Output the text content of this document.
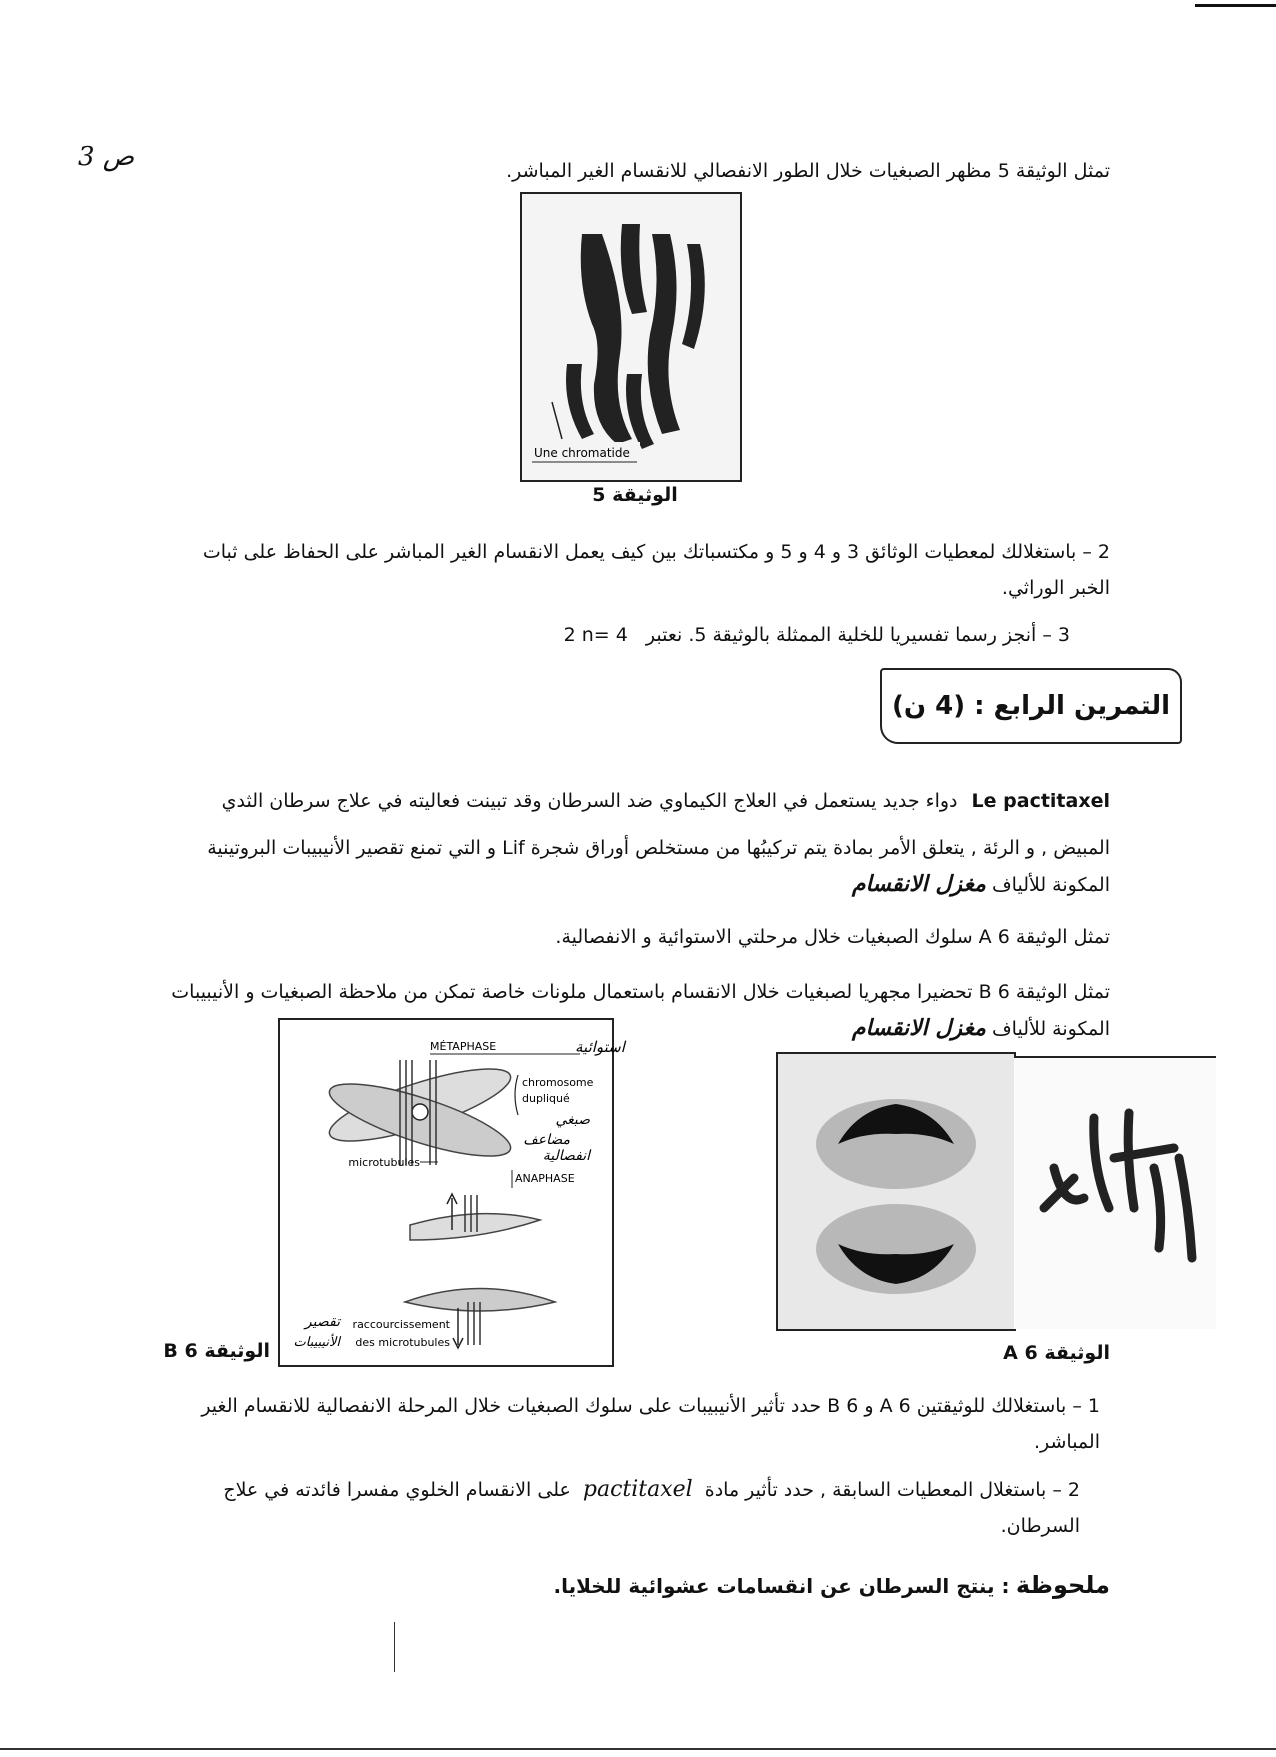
ص 3	تمثل الوثيقة 5 مظهر الصبغيات خلال الطور الانفصالي للانقسام الغير المباشر.
Une chromatide
الوثيقة 5
2 – باستغلالك لمعطيات الوثائق 3 و 4 و 5 و مكتسباتك بين كيف يعمل الانقسام الغير المباشر على الحفاظ على ثبات الخبر الوراثي.
3 – أنجز رسما تفسيريا للخلية الممثلة بالوثيقة 5. نعتبر 2 n= 4
التمرين الرابع : (4 ن)
Le pactitaxel دواء جديد يستعمل في العلاج الكيماوي ضد السرطان وقد تبينت فعاليته في علاج سرطان الثدي
المبيض , و الرئة , يتعلق الأمر بمادة يتم تركيبُها من مستخلص أوراق شجرة Lif و التي تمنع تقصير الأنيبيبات البروتينية المكونة للألياف مغزل الانقسام
تمثل الوثيقة 6 A سلوك الصبغيات خلال مرحلتي الاستوائية و الانفصالية.
تمثل الوثيقة 6 B تحضيرا مجهريا لصبغيات خلال الانقسام باستعمال ملونات خاصة تمكن من ملاحظة الصبغيات و الأنيبيبات المكونة للألياف مغزل الانقسام
MÉTAPHASE	استوائية
chromosome
dupliqué
صبغي
مضاعف
microtubules	انفصالية
ANAPHASE
raccourcissement
des microtubules
تقصير
الأنيبيبات
الوثيقة 6 B	الوثيقة 6 A
1 – باستغلالك للوثيقتين 6 A و 6 B حدد تأثير الأنيبيبات على سلوك الصبغيات خلال المرحلة الانفصالية للانقسام الغير المباشر.
2 – باستغلال المعطيات السابقة , حدد تأثير مادة pactitaxel على الانقسام الخلوي مفسرا فائدته في علاج السرطان.
ملحوظة : ينتج السرطان عن انقسامات عشوائية للخلايا.
